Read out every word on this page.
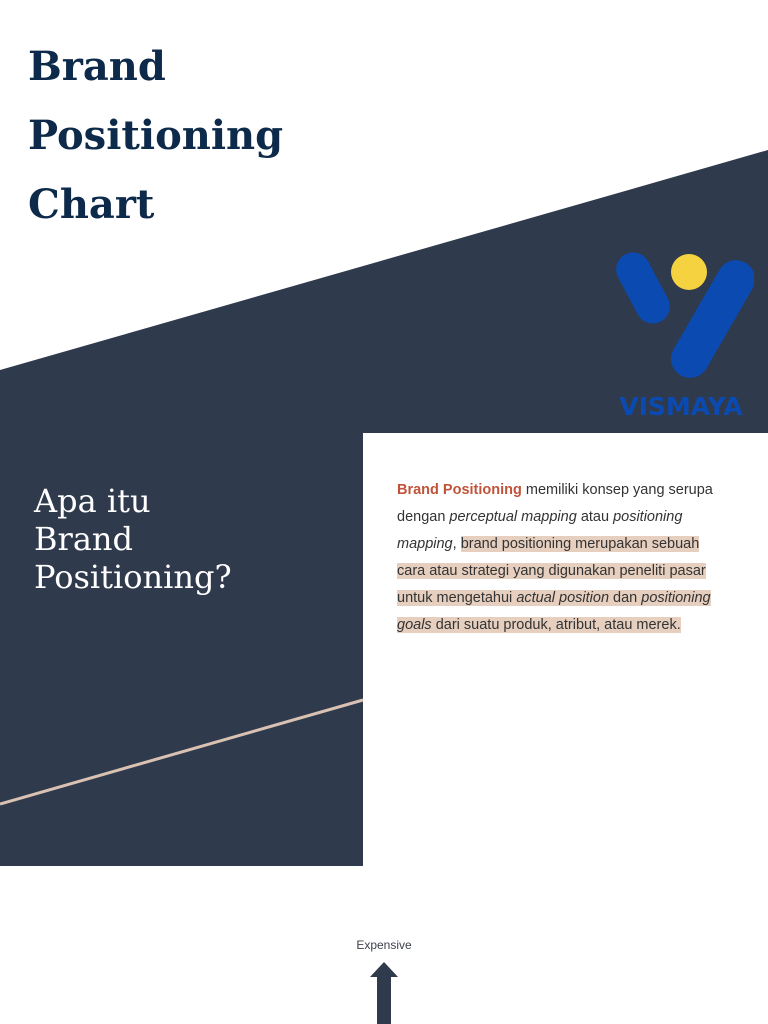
Brand
Positioning
Chart
VISMAYA
Apa itu
Brand
Positioning?

Brand Positioning memiliki konsep yang serupa dengan perceptual mapping atau positioning mapping, brand positioning merupakan sebuah cara atau strategi yang digunakan peneliti pasar untuk mengetahui actual position dan positioning goals dari suatu produk, atribut, atau merek.

Expensive
